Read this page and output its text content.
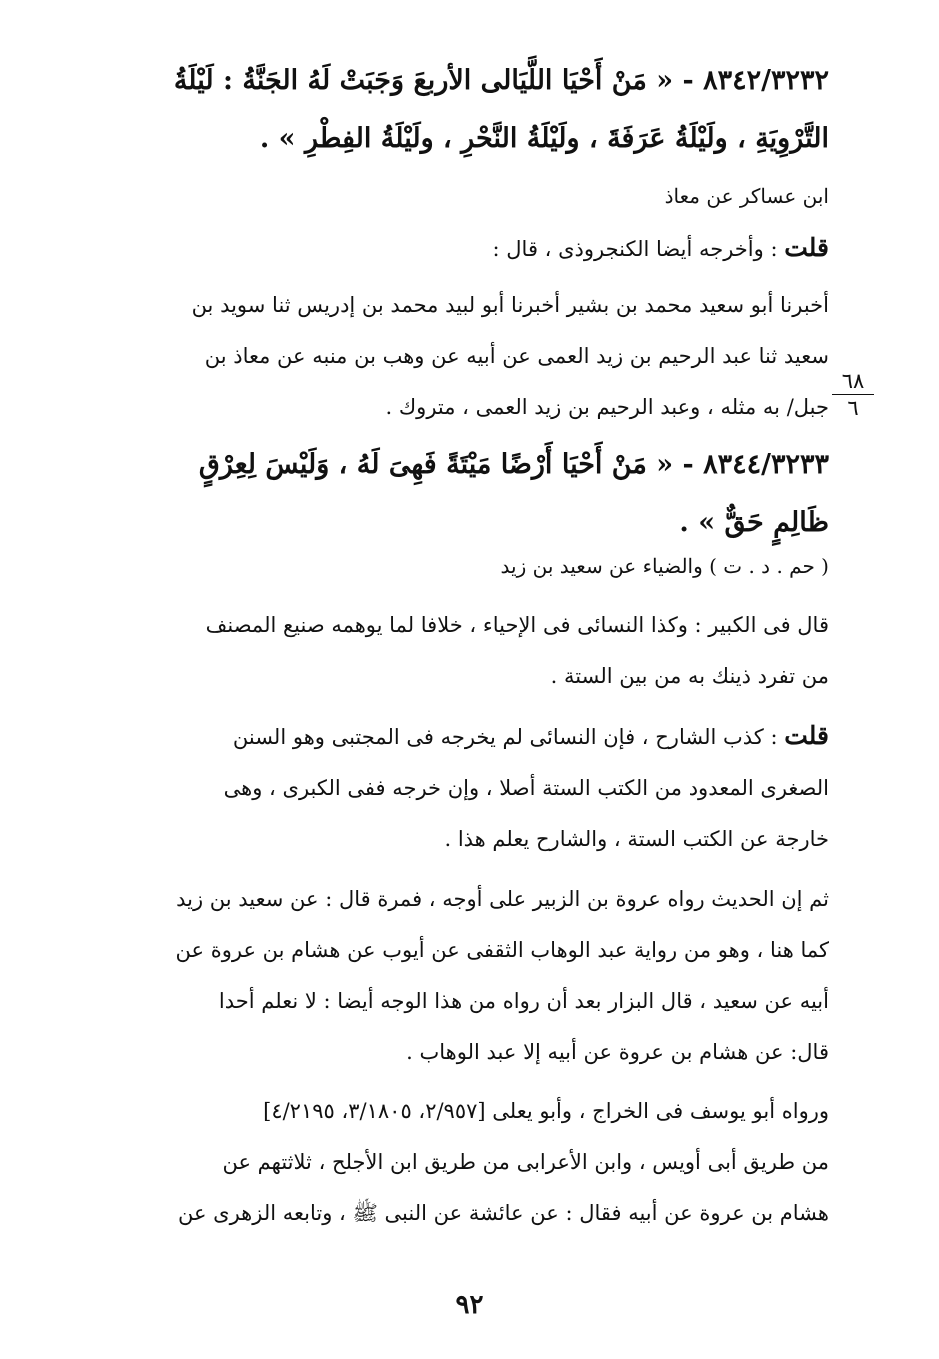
٨٣٤٢/٣٢٣٢ - « مَنْ أَحْيَا اللَّيَالى الأربعَ وَجَبَتْ لَهُ الجَنَّةُ : لَيْلَةُ
التَّرْوِيَةِ ، ولَيْلَةُ عَرَفَةَ ، ولَيْلَةُ النَّحْرِ ، ولَيْلَةُ الفِطْرِ » .
ابن عساكر عن معاذ
قلت : وأخرجه أيضا الكنجروذى ، قال :
أخبرنا أبو سعيد محمد بن بشير أخبرنا أبو لبيد محمد بن إدريس ثنا سويد بن
سعيد ثنا عبد الرحيم بن زيد العمى عن أبيه عن وهب بن منبه عن معاذ بن
جبل/ به مثله ، وعبد الرحيم بن زيد العمى ، متروك .
٦٨
٦
٨٣٤٤/٣٢٣٣ - « مَنْ أَحْيَا أَرْضًا مَيْتَةً فَهِىَ لَهُ ، وَلَيْسَ لِعِرْقٍ
ظَالِمٍ حَقٌّ » .
( حم . د . ت ) والضياء عن سعيد بن زيد
قال فى الكبير : وكذا النسائى فى الإحياء ، خلافا لما يوهمه صنيع المصنف
من تفرد ذينك به من بين الستة .
قلت : كذب الشارح ، فإن النسائى لم يخرجه فى المجتبى وهو السنن
الصغرى المعدود من الكتب الستة أصلا ، وإن خرجه ففى الكبرى ، وهى
خارجة عن الكتب الستة ، والشارح يعلم هذا .
ثم إن الحديث رواه عروة بن الزبير على أوجه ، فمرة قال : عن سعيد بن زيد
كما هنا ، وهو من رواية عبد الوهاب الثقفى عن أيوب عن هشام بن عروة عن
أبيه عن سعيد ، قال البزار بعد أن رواه من هذا الوجه أيضا : لا نعلم أحدا
قال: عن هشام بن عروة عن أبيه إلا عبد الوهاب .
ورواه أبو يوسف فى الخراج ، وأبو يعلى [٢/٩٥٧، ٣/١٨٠٥، ٤/٢١٩٥]
من طريق أبى أويس ، وابن الأعرابى من طريق ابن الأجلح ، ثلاثتهم عن
هشام بن عروة عن أبيه فقال : عن عائشة عن النبى ﷺ ، وتابعه الزهرى عن
٩٢
